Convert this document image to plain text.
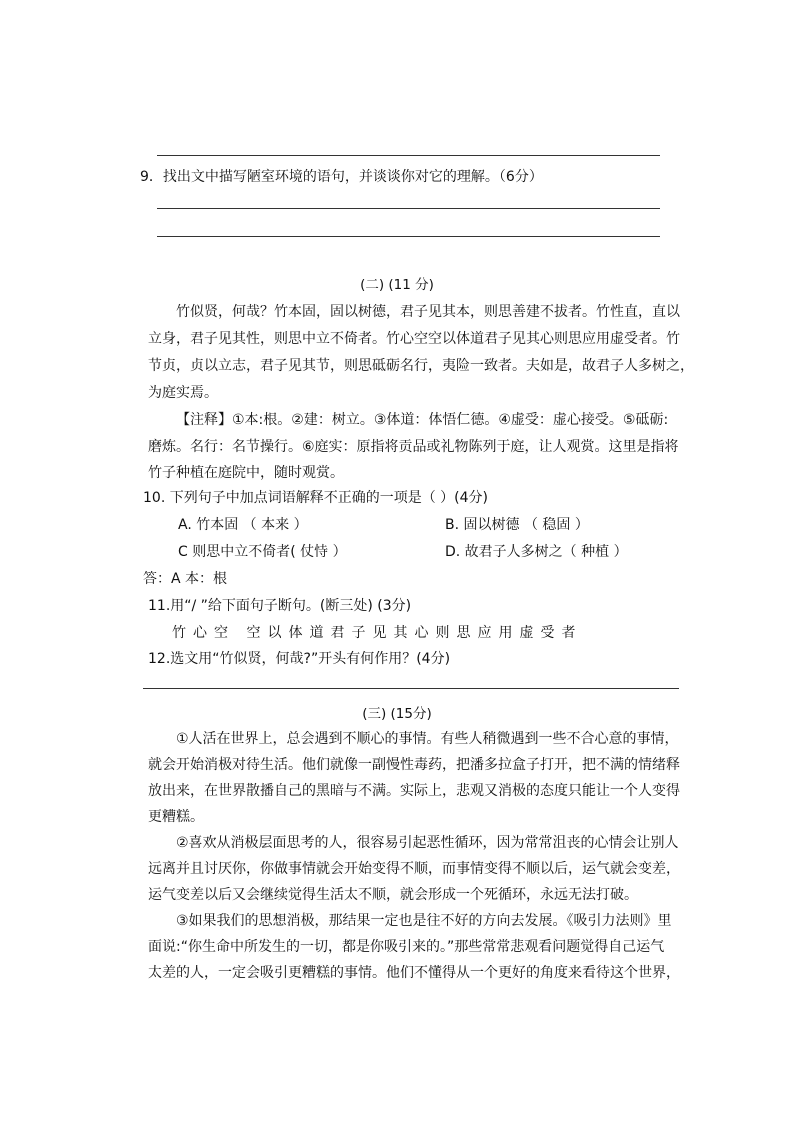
9．找出文中描写陋室环境的语句，并谈谈你对它的理解。（6分）
(二) (11 分)
竹似贤，何哉？竹本固，固以树德，君子见其本，则思善建不拔者。竹性直，直以
立身，君子见其性，则思中立不倚者。竹心空空以体道君子见其心则思应用虚受者。竹
节贞，贞以立志，君子见其节，则思砥砺名行，夷险一致者。夫如是，故君子人多树之，
为庭实焉。
【注释】①本:根。②建：树立。③体道：体悟仁德。④虚受：虚心接受。⑤砥砺:
磨炼。名行：名节操行。⑥庭实：原指将贡品或礼物陈列于庭，让人观赏。这里是指将
竹子种植在庭院中，随时观赏。
10. 下列句子中加点词语解释不正确的一项是（ ）(4分)
A. 竹本固 （ 本来 ）	B. 固以树德 （ 稳固 ）
C 则思中立不倚者( 仗恃 ）	D. 故君子人多树之（ 种植 ）
答：A 本：根
11.用“/ ”给下面句子断句。(断三处) (3分)
竹心空 空以体道君子见其心则思应用虚受者
12.选文用“竹似贤，何哉?”开头有何作用？(4分)
(三) (15分)
①人活在世界上，总会遇到不顺心的事情。有些人稍微遇到一些不合心意的事情，
就会开始消极对待生活。他们就像一副慢性毒药，把潘多拉盒子打开，把不满的情绪释
放出来，在世界散播自己的黑暗与不满。实际上，悲观又消极的态度只能让一个人变得
更糟糕。
②喜欢从消极层面思考的人，很容易引起恶性循环，因为常常沮丧的心情会让别人
远离并且讨厌你，你做事情就会开始变得不顺，而事情变得不顺以后，运气就会变差，
运气变差以后又会继续觉得生活太不顺，就会形成一个死循环，永远无法打破。
③如果我们的思想消极，那结果一定也是往不好的方向去发展。《吸引力法则》里
面说:“你生命中所发生的一切，都是你吸引来的。”那些常常悲观看问题觉得自己运气
太差的人，一定会吸引更糟糕的事情。他们不懂得从一个更好的角度来看待这个世界，
